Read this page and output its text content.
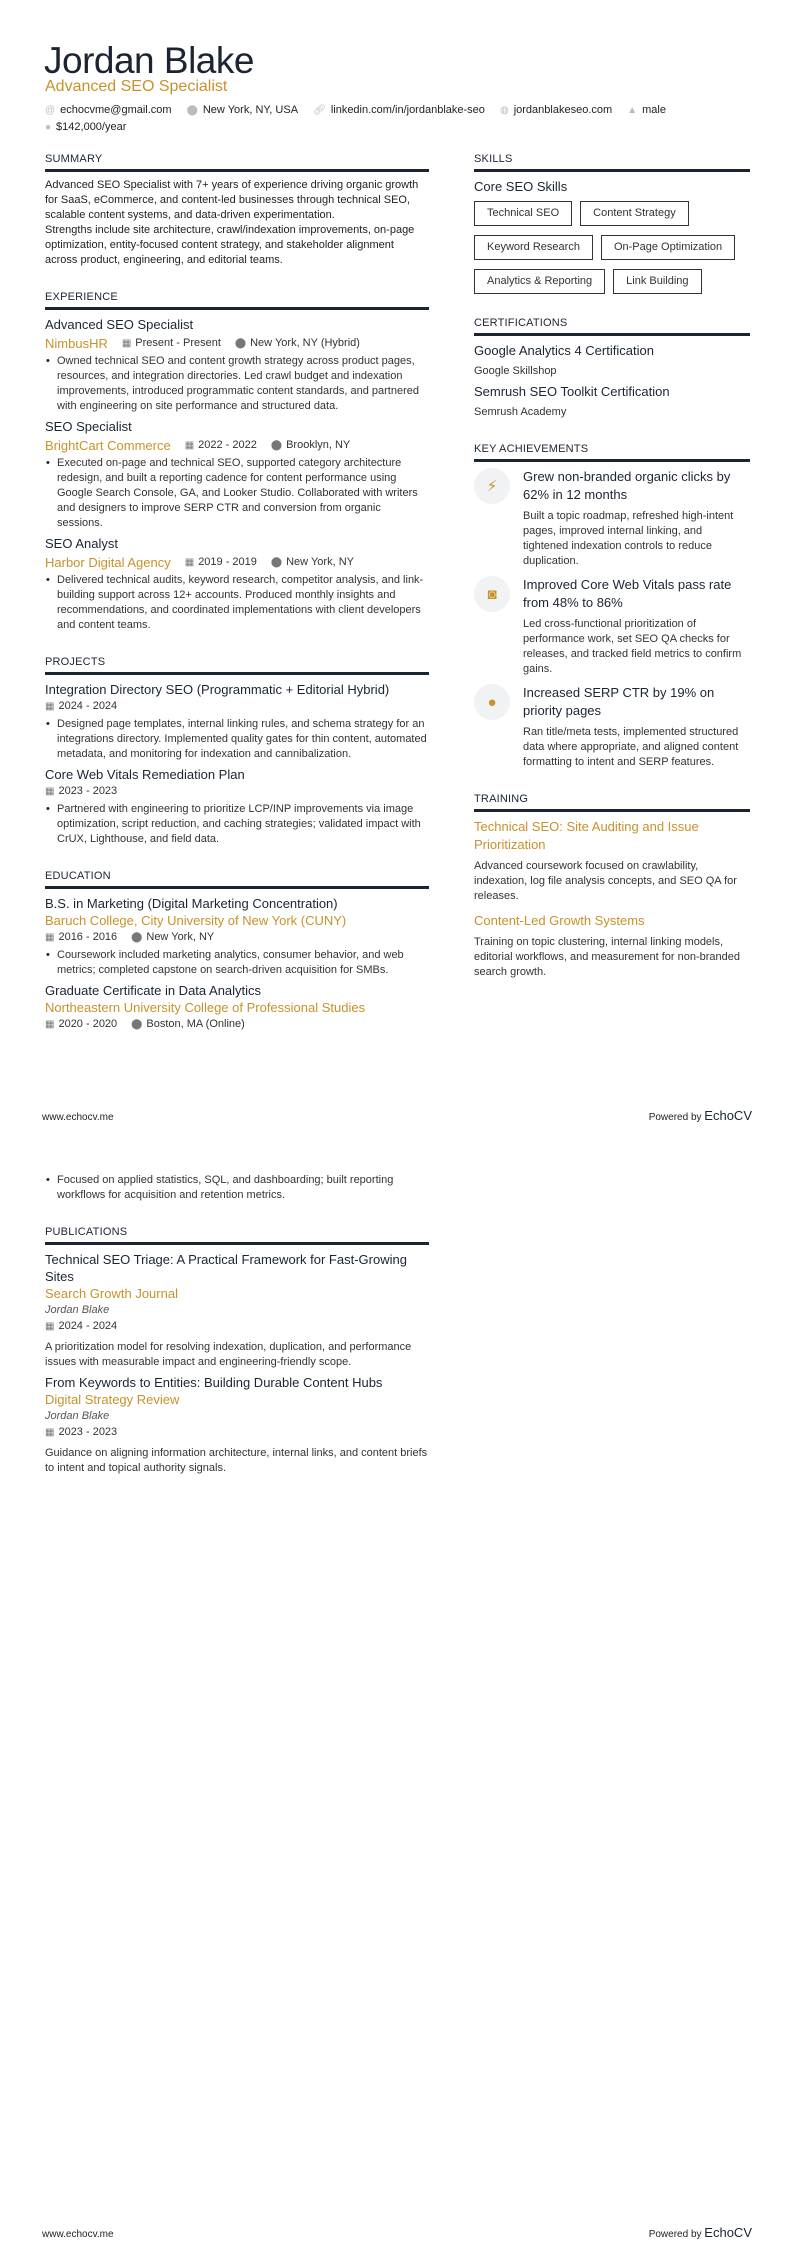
Jordan Blake
Advanced SEO Specialist
@ echocvme@gmail.com ⬤ New York, NY, USA 🔗︎ linkedin.com/in/jordanblake-seo ◍ jordanblakeseo.com ▲ male
● $142,000/year
SUMMARY

Advanced SEO Specialist with 7+ years of experience driving organic growth for SaaS, eCommerce, and content-led businesses through technical SEO, scalable content systems, and data-driven experimentation.

Strengths include site architecture, crawl/indexation improvements, on-page optimization, entity-focused content strategy, and stakeholder alignment across product, engineering, and editorial teams.

EXPERIENCE
Advanced SEO Specialist
NimbusHR ▦ Present - Present ⬤ New York, NY (Hybrid)
• Owned technical SEO and content growth strategy across product pages, resources, and integration directories. Led crawl budget and indexation improvements, introduced programmatic content standards, and partnered with engineering on site performance and structured data.
SEO Specialist
BrightCart Commerce ▦ 2022 - 2022 ⬤ Brooklyn, NY
• Executed on-page and technical SEO, supported category architecture redesign, and built a reporting cadence for content performance using Google Search Console, GA, and Looker Studio. Collaborated with writers and designers to improve SERP CTR and conversion from organic sessions.
SEO Analyst
Harbor Digital Agency ▦ 2019 - 2019 ⬤ New York, NY
• Delivered technical audits, keyword research, competitor analysis, and link-building support across 12+ accounts. Produced monthly insights and recommendations, and coordinated implementations with client developers and content teams.
PROJECTS
Integration Directory SEO (Programmatic + Editorial Hybrid)
▦ 2024 - 2024
• Designed page templates, internal linking rules, and schema strategy for an integrations directory. Implemented quality gates for thin content, automated metadata, and monitoring for indexation and cannibalization.
Core Web Vitals Remediation Plan
▦ 2023 - 2023
• Partnered with engineering to prioritize LCP/INP improvements via image optimization, script reduction, and caching strategies; validated impact with CrUX, Lighthouse, and field data.
EDUCATION
B.S. in Marketing (Digital Marketing Concentration)
Baruch College, City University of New York (CUNY)
▦ 2016 - 2016 ⬤ New York, NY
• Coursework included marketing analytics, consumer behavior, and web metrics; completed capstone on search-driven acquisition for SMBs.
Graduate Certificate in Data Analytics
Northeastern University College of Professional Studies
▦ 2020 - 2020 ⬤ Boston, MA (Online)
SKILLS
Core SEO Skills
Technical SEO	Content Strategy
Keyword Research	On-Page Optimization
Analytics & Reporting	Link Building
CERTIFICATIONS
Google Analytics 4 Certification
Google Skillshop
Semrush SEO Toolkit Certification
Semrush Academy
KEY ACHIEVEMENTS
⚡︎
Grew non-branded organic clicks by 62% in 12 months
Built a topic roadmap, refreshed high-intent pages, improved internal linking, and tightened indexation controls to reduce duplication.
◙
Improved Core Web Vitals pass rate from 48% to 86%
Led cross-functional prioritization of performance work, set SEO QA checks for releases, and tracked field metrics to confirm gains.
●
Increased SERP CTR by 19% on priority pages
Ran title/meta tests, implemented structured data where appropriate, and aligned content formatting to intent and SERP features.
TRAINING
Technical SEO: Site Auditing and Issue Prioritization
Advanced coursework focused on crawlability, indexation, log file analysis concepts, and SEO QA for releases.
Content-Led Growth Systems
Training on topic clustering, internal linking models, editorial workflows, and measurement for non-branded search growth.
www.echocv.me	Powered by EchoCV
• Focused on applied statistics, SQL, and dashboarding; built reporting workflows for acquisition and retention metrics.
PUBLICATIONS
Technical SEO Triage: A Practical Framework for Fast-Growing Sites
Search Growth Journal
Jordan Blake
▦ 2024 - 2024

A prioritization model for resolving indexation, duplication, and performance issues with measurable impact and engineering-friendly scope.

From Keywords to Entities: Building Durable Content Hubs
Digital Strategy Review
Jordan Blake
▦ 2023 - 2023

Guidance on aligning information architecture, internal links, and content briefs to intent and topical authority signals.

www.echocv.me	Powered by EchoCV
